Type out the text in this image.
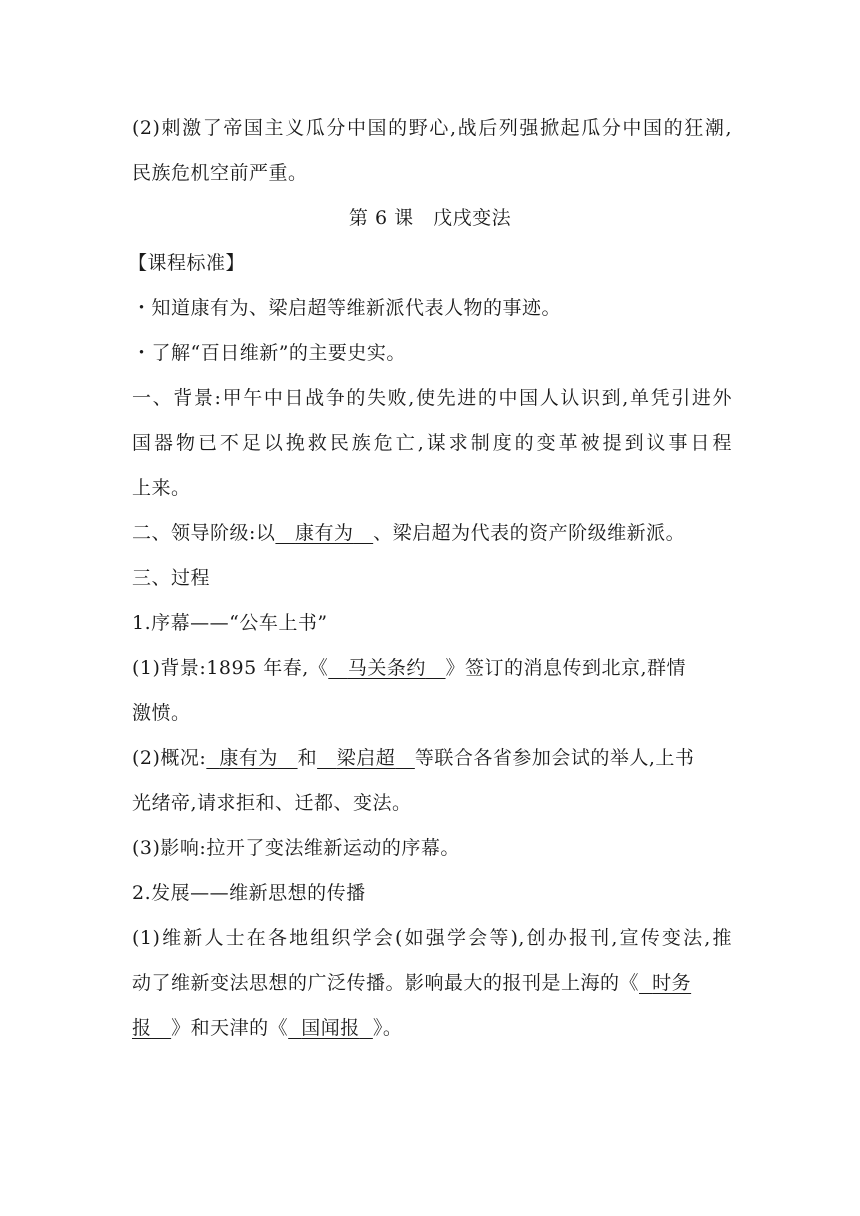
(2)刺激了帝国主义瓜分中国的野心,战后列强掀起瓜分中国的狂潮,
民族危机空前严重。
第 6 课　戊戌变法
【课程标准】
・知道康有为、梁启超等维新派代表人物的事迹。
・了解“百日维新”的主要史实。
一、背景:甲午中日战争的失败,使先进的中国人认识到,单凭引进外
国器物已不足以挽救民族危亡,谋求制度的变革被提到议事日程
上来。
二、领导阶级:以 康有为 、梁启超为代表的资产阶级维新派。
三、过程
1.序幕——“公车上书”
(1)背景:1895 年春,《 马关条约 》签订的消息传到北京,群情
激愤。
(2)概况: 康有为 和 梁启超 等联合各省参加会试的举人,上书
光绪帝,请求拒和、迁都、变法。
(3)影响:拉开了变法维新运动的序幕。
2.发展——维新思想的传播
(1)维新人士在各地组织学会(如强学会等),创办报刊,宣传变法,推
动了维新变法思想的广泛传播。影响最大的报刊是上海的《 时务
报 》和天津的《 国闻报 》。
